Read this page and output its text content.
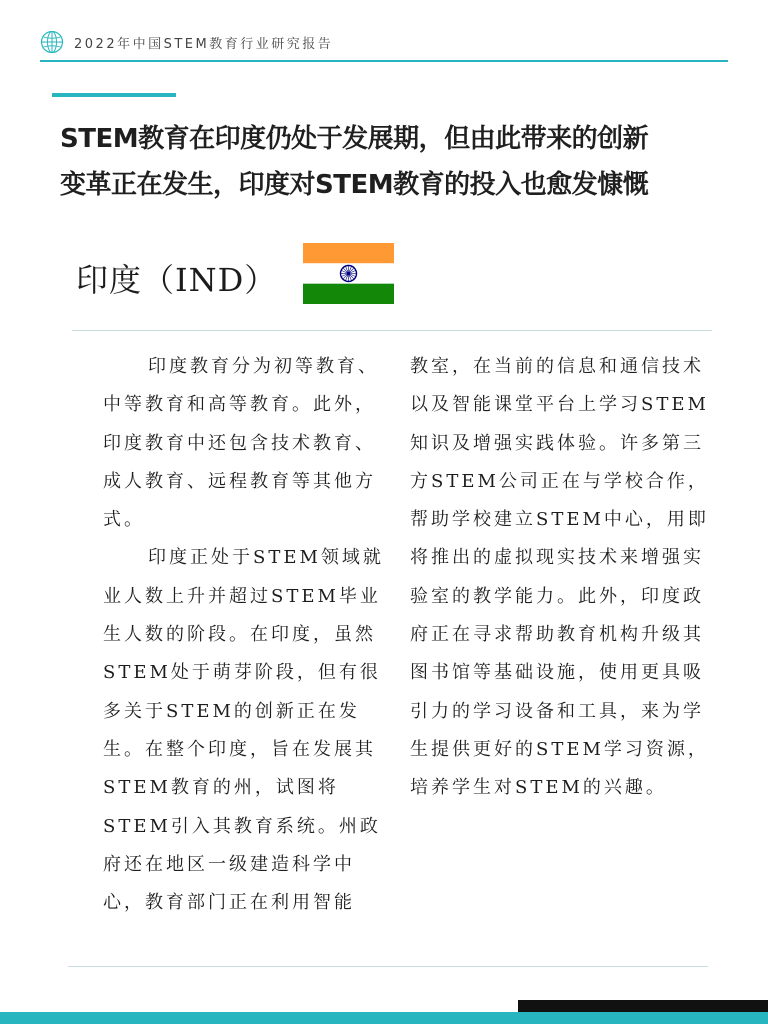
2022年中国STEM教育行业研究报告
STEM教育在印度仍处于发展期，但由此带来的创新
变革正在发生，印度对STEM教育的投入也愈发慷慨
印度（IND）

印度教育分为初等教育、中等教育和高等教育。此外，印度教育中还包含技术教育、成人教育、远程教育等其他方式。

印度正处于STEM领域就业人数上升并超过STEM毕业生人数的阶段。在印度，虽然STEM处于萌芽阶段，但有很多关于STEM的创新正在发生。在整个印度，旨在发展其STEM教育的州，试图将STEM引入其教育系统。州政府还在地区一级建造科学中心，教育部门正在利用智能

教室，在当前的信息和通信技术以及智能课堂平台上学习STEM知识及增强实践体验。许多第三方STEM公司正在与学校合作，帮助学校建立STEM中心，用即将推出的虚拟现实技术来增强实验室的教学能力。此外，印度政府正在寻求帮助教育机构升级其图书馆等基础设施，使用更具吸引力的学习设备和工具，来为学生提供更好的STEM学习资源，培养学生对STEM的兴趣。
